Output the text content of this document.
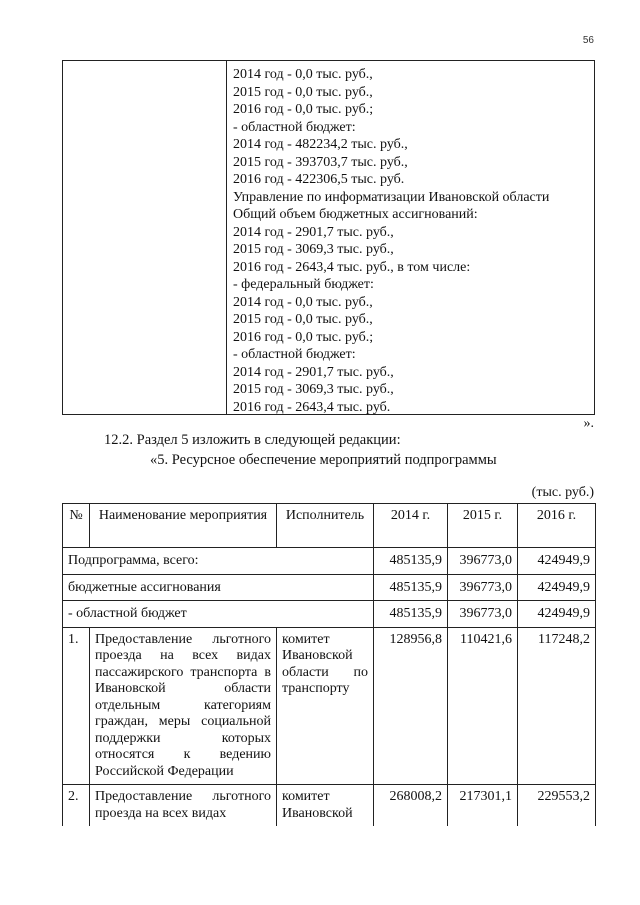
56
2014 год - 0,0 тыс. руб.,
2015 год - 0,0 тыс. руб.,
2016 год - 0,0 тыс. руб.;
- областной бюджет:
2014 год - 482234,2 тыс. руб.,
2015 год - 393703,7 тыс. руб.,
2016 год - 422306,5 тыс. руб.
Управление по информатизации Ивановской области
Общий объем бюджетных ассигнований:
2014 год - 2901,7 тыс. руб.,
2015 год - 3069,3 тыс. руб.,
2016 год - 2643,4 тыс. руб., в том числе:
- федеральный бюджет:
2014 год - 0,0 тыс. руб.,
2015 год - 0,0 тыс. руб.,
2016 год - 0,0 тыс. руб.;
- областной бюджет:
2014 год - 2901,7 тыс. руб.,
2015 год - 3069,3 тыс. руб.,
2016 год - 2643,4 тыс. руб.
».
12.2. Раздел 5 изложить в следующей редакции:
«5. Ресурсное обеспечение мероприятий подпрограммы
(тыс. руб.)
№	Наименование мероприятия	Исполнитель	2014 г.	2015 г.	2016 г.
Подпрограмма, всего:			485135,9	396773,0	424949,9
бюджетные ассигнования			485135,9	396773,0	424949,9
- областной бюджет			485135,9	396773,0	424949,9
1.	Предоставление льготного проезда на всех видах пассажирского транспорта в Ивановской области отдельным категориям граждан, меры социальной поддержки которых относятся к ведению Российской Федерации	комитет Ивановской области по транспорту	128956,8	110421,6	117248,2
2.	Предоставление льготного проезда на всех видах	комитет Ивановской	268008,2	217301,1	229553,2
